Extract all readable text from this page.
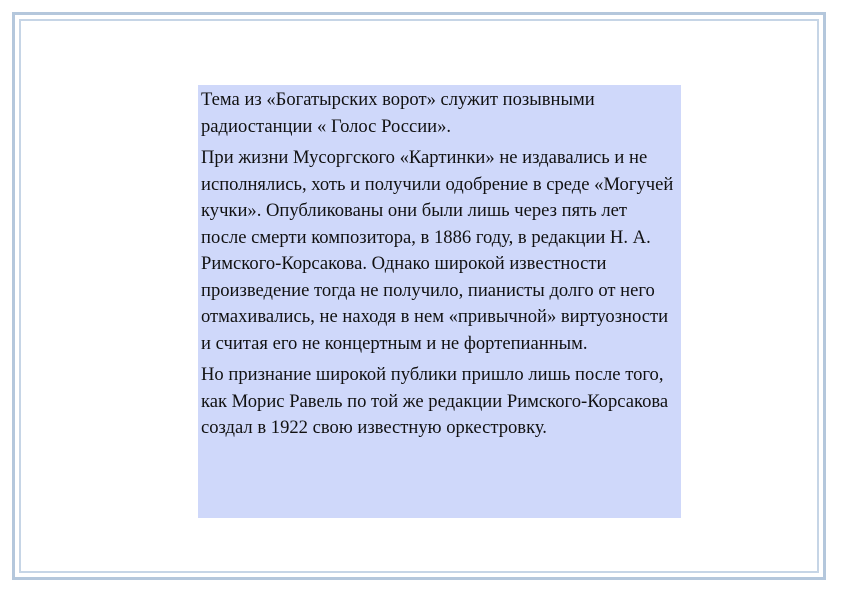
Тема из «Богатырских ворот» служит позывными радиостанции « Голос России».

При жизни Мусоргского «Картинки» не издавались и не исполнялись, хоть и получили одобрение в среде «Могучей кучки». Опубликованы они были лишь через пять лет после смерти композитора, в 1886 году, в редакции Н. А. Римского-Корсакова. Однако широкой известности произведение тогда не получило, пианисты долго от него отмахивались, не находя в нем «привычной» виртуозности и считая его не концертным и не фортепианным.

Но признание широкой публики пришло лишь после того, как Морис Равель по той же редакции Римского-Корсакова создал в 1922 свою известную оркестровку.
